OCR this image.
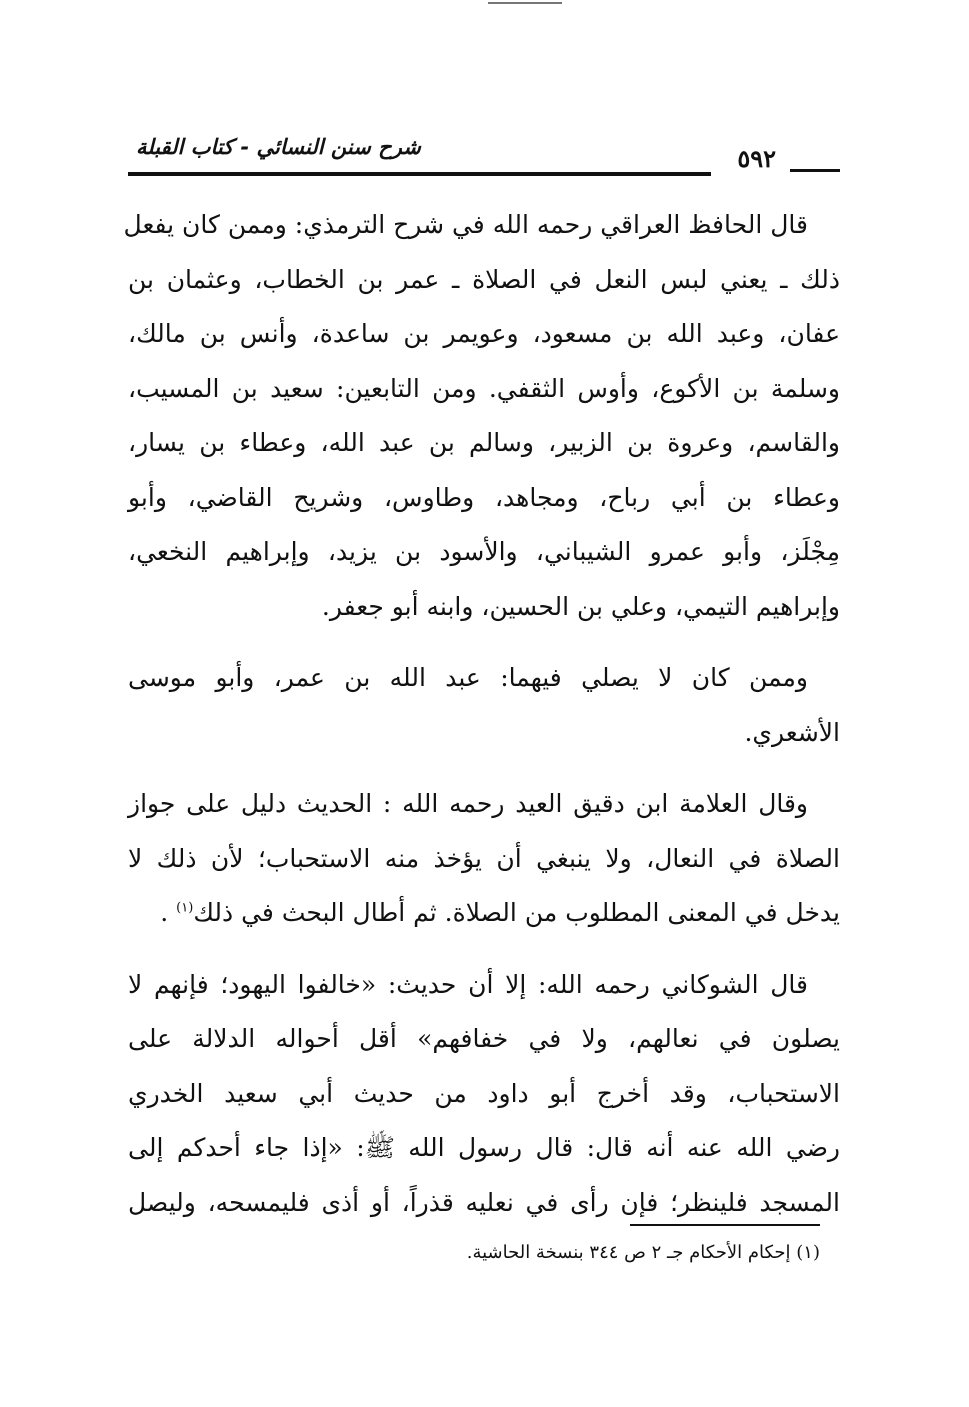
شرح سنن النسائي - كتاب القبلة	٥٩٢
قال الحافظ العراقي رحمه الله في شرح الترمذي: وممن كان يفعل
ذلك ـ يعني لبس النعل في الصلاة ـ عمر بن الخطاب، وعثمان بن
عفان، وعبد الله بن مسعود، وعويمر بن ساعدة، وأنس بن مالك،
وسلمة بن الأكوع، وأوس الثقفي. ومن التابعين: سعيد بن المسيب،
والقاسم، وعروة بن الزبير، وسالم بن عبد الله، وعطاء بن يسار،
وعطاء بن أبي رباح، ومجاهد، وطاوس، وشريح القاضي، وأبو
مِجْلَز، وأبو عمرو الشيباني، والأسود بن يزيد، وإبراهيم النخعي،
وإبراهيم التيمي، وعلي بن الحسين، وابنه أبو جعفر.
وممن كان لا يصلي فيهما: عبد الله بن عمر، وأبو موسى
الأشعري.
وقال العلامة ابن دقيق العيد رحمه الله : الحديث دليل على جواز
الصلاة في النعال، ولا ينبغي أن يؤخذ منه الاستحباب؛ لأن ذلك لا
يدخل في المعنى المطلوب من الصلاة. ثم أطال البحث في ذلك$^{(١)}$ .
قال الشوكاني رحمه الله: إلا أن حديث: «خالفوا اليهود؛ فإنهم لا
يصلون في نعالهم، ولا في خفافهم» أقل أحواله الدلالة على
الاستحباب، وقد أخرج أبو داود من حديث أبي سعيد الخدري
رضي الله عنه أنه قال: قال رسول الله ﷺ: «إذا جاء أحدكم إلى
المسجد فلينظر؛ فإن رأى في نعليه قذراً، أو أذى فليمسحه، وليصل
(١) إحكام الأحكام جـ ٢ ص ٣٤٤ بنسخة الحاشية.
